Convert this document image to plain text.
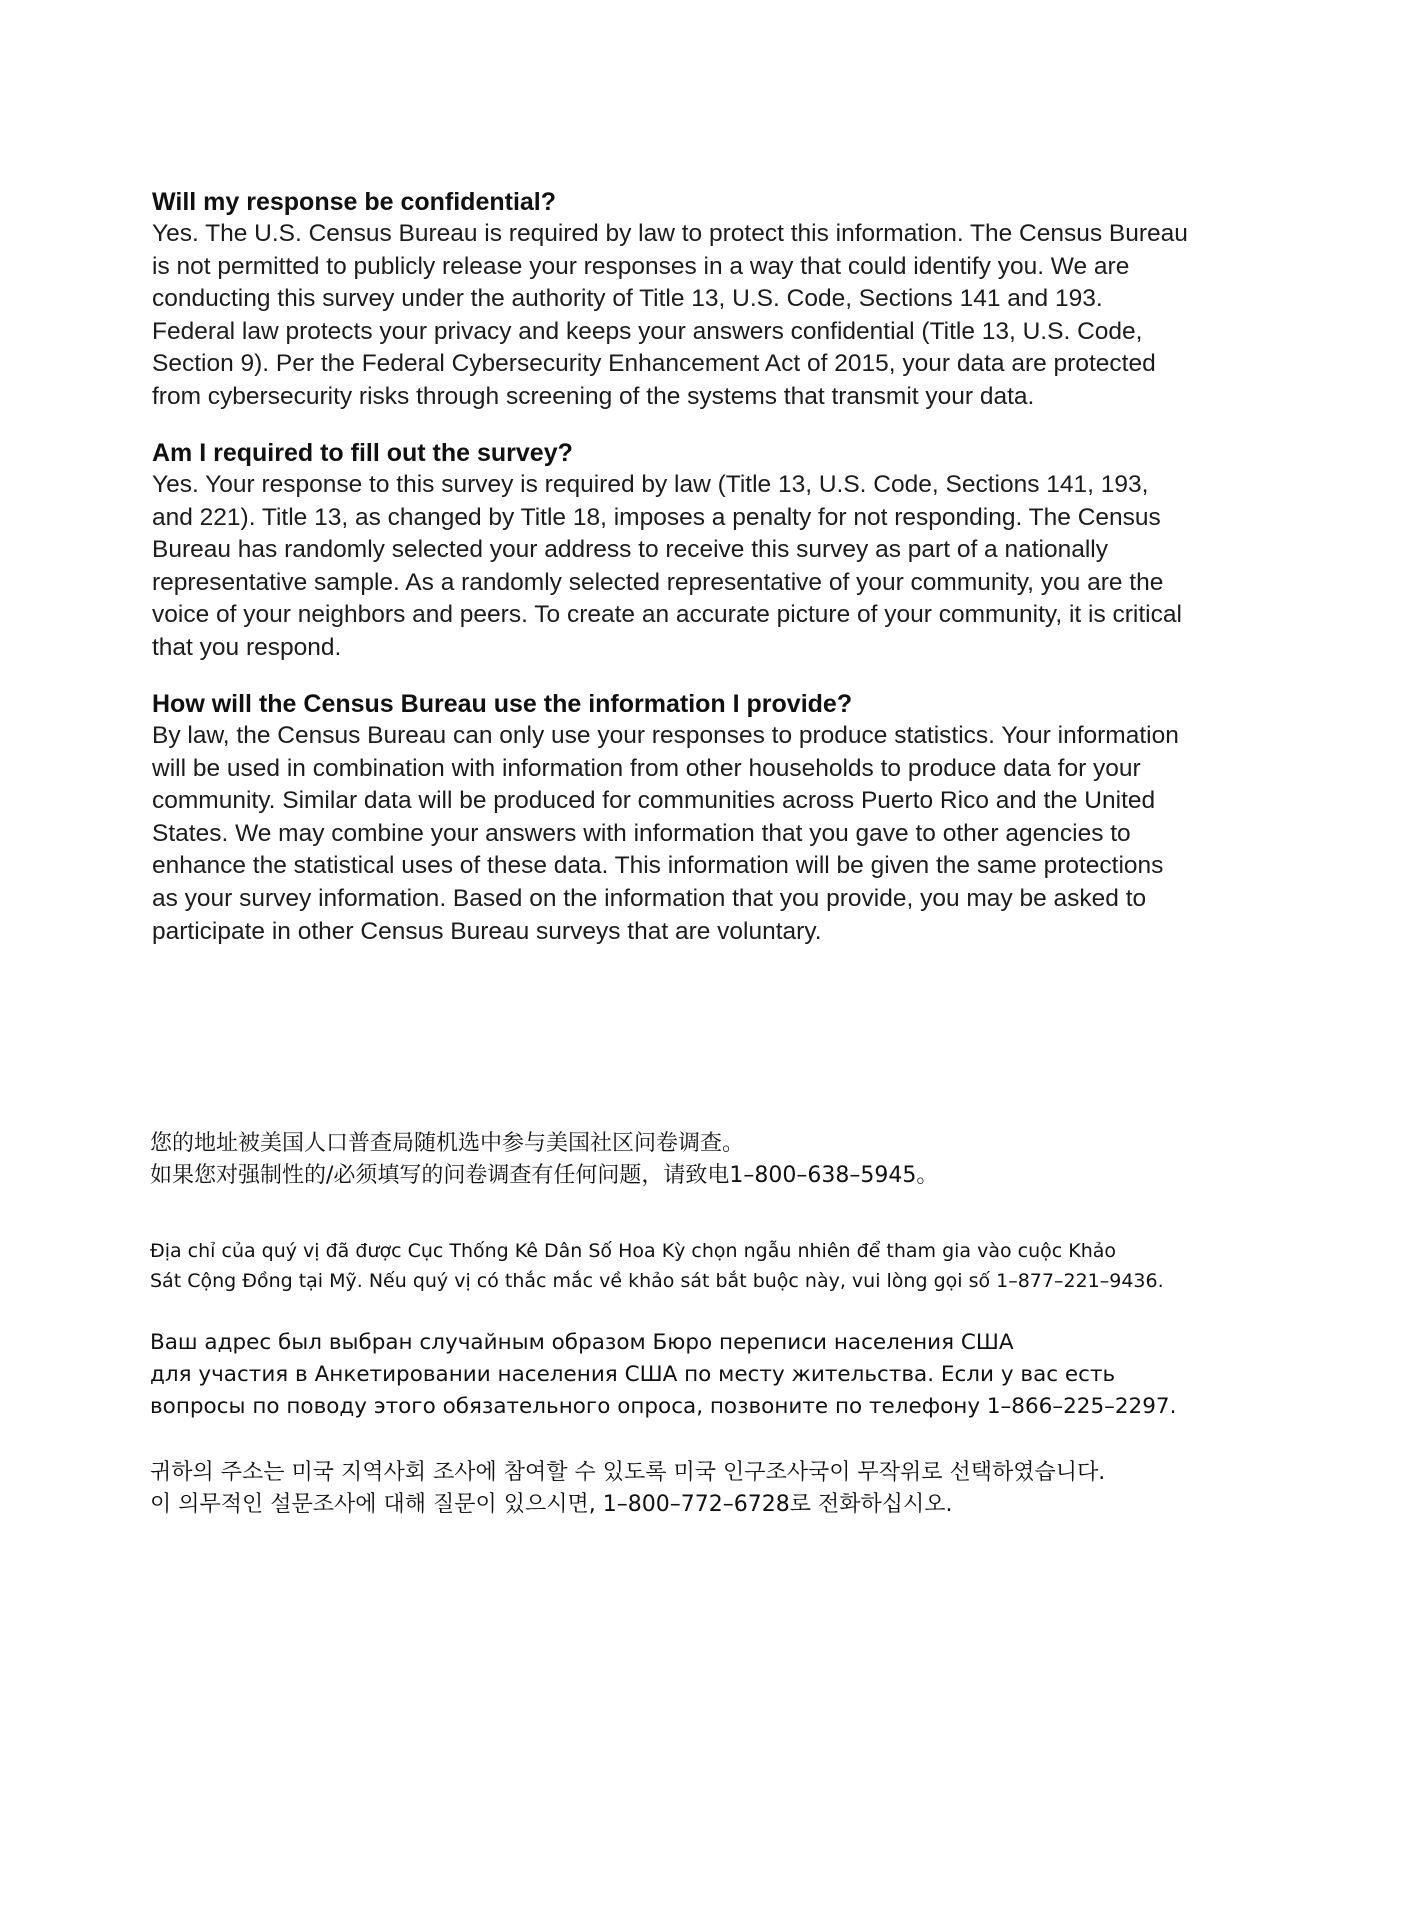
Will my response be confidential?

Yes. The U.S. Census Bureau is required by law to protect this information. The Census Bureau
is not permitted to publicly release your responses in a way that could identify you. We are
conducting this survey under the authority of Title 13, U.S. Code, Sections 141 and 193.
Federal law protects your privacy and keeps your answers confidential (Title 13, U.S. Code,
Section 9). Per the Federal Cybersecurity Enhancement Act of 2015, your data are protected
from cybersecurity risks through screening of the systems that transmit your data.

Am I required to fill out the survey?

Yes. Your response to this survey is required by law (Title 13, U.S. Code, Sections 141, 193,
and 221). Title 13, as changed by Title 18, imposes a penalty for not responding. The Census
Bureau has randomly selected your address to receive this survey as part of a nationally
representative sample. As a randomly selected representative of your community, you are the
voice of your neighbors and peers. To create an accurate picture of your community, it is critical
that you respond.

How will the Census Bureau use the information I provide?

By law, the Census Bureau can only use your responses to produce statistics. Your information
will be used in combination with information from other households to produce data for your
community. Similar data will be produced for communities across Puerto Rico and the United
States. We may combine your answers with information that you gave to other agencies to
enhance the statistical uses of these data. This information will be given the same protections
as your survey information. Based on the information that you provide, you may be asked to
participate in other Census Bureau surveys that are voluntary.

您的地址被美国人口普查局随机选中参与美国社区问卷调查。
如果您对强制性的/必须填写的问卷调查有任何问题，请致电1–800–638–5945。
Địa chỉ của quý vị đã được Cục Thống Kê Dân Số Hoa Kỳ chọn ngẫu nhiên để tham gia vào cuộc Khảo
Sát Cộng Đồng tại Mỹ. Nếu quý vị có thắc mắc về khảo sát bắt buộc này, vui lòng gọi số 1–877–221–9436.
Ваш адрес был выбран случайным образом Бюро переписи населения США
для участия в Анкетировании населения США по месту жительства. Если у вас есть
вопросы по поводу этого обязательного опроса, позвоните по телефону 1–866–225–2297.
귀하의 주소는 미국 지역사회 조사에 참여할 수 있도록 미국 인구조사국이 무작위로 선택하였습니다.
이 의무적인 설문조사에 대해 질문이 있으시면, 1–800–772–6728로 전화하십시오.
